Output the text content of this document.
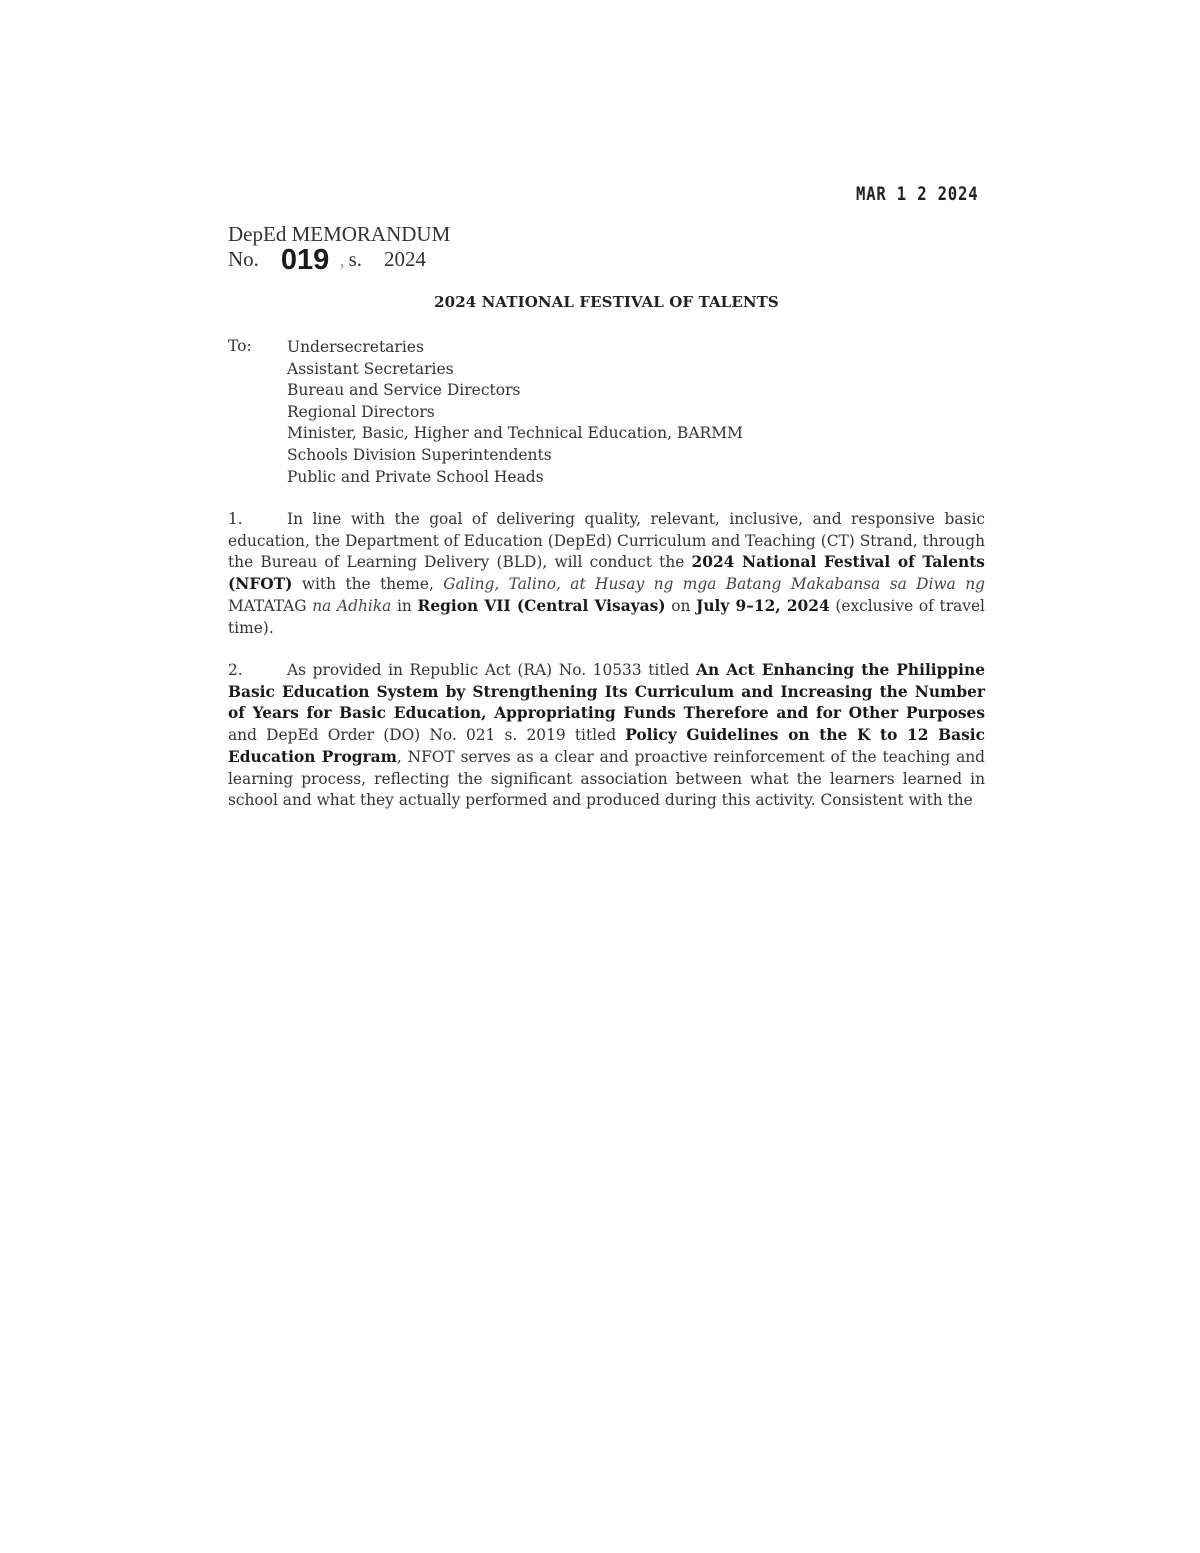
MAR 1 2 2024
DepEd MEMORANDUM
No. 019 , s. 2024
2024 NATIONAL FESTIVAL OF TALENTS
To: Undersecretaries
Assistant Secretaries
Bureau and Service Directors
Regional Directors
Minister, Basic, Higher and Technical Education, BARMM
Schools Division Superintendents
Public and Private School Heads

1.	In line with the goal of delivering quality, relevant, inclusive, and responsive basic education, the Department of Education (DepEd) Curriculum and Teaching (CT) Strand, through the Bureau of Learning Delivery (BLD), will conduct the 2024 National Festival of Talents (NFOT) with the theme, Galing, Talino, at Husay ng mga Batang Makabansa sa Diwa ng MATATAG na Adhika in Region VII (Central Visayas) on July 9–12, 2024 (exclusive of travel time).

2.	As provided in Republic Act (RA) No. 10533 titled An Act Enhancing the Philippine Basic Education System by Strengthening Its Curriculum and Increasing the Number of Years for Basic Education, Appropriating Funds Therefore and for Other Purposes and DepEd Order (DO) No. 021 s. 2019 titled Policy Guidelines on the K to 12 Basic Education Program, NFOT serves as a clear and proactive reinforcement of the teaching and learning process, reflecting the significant association between what the learners learned in school and what they actually performed and produced during this activity. Consistent with the
